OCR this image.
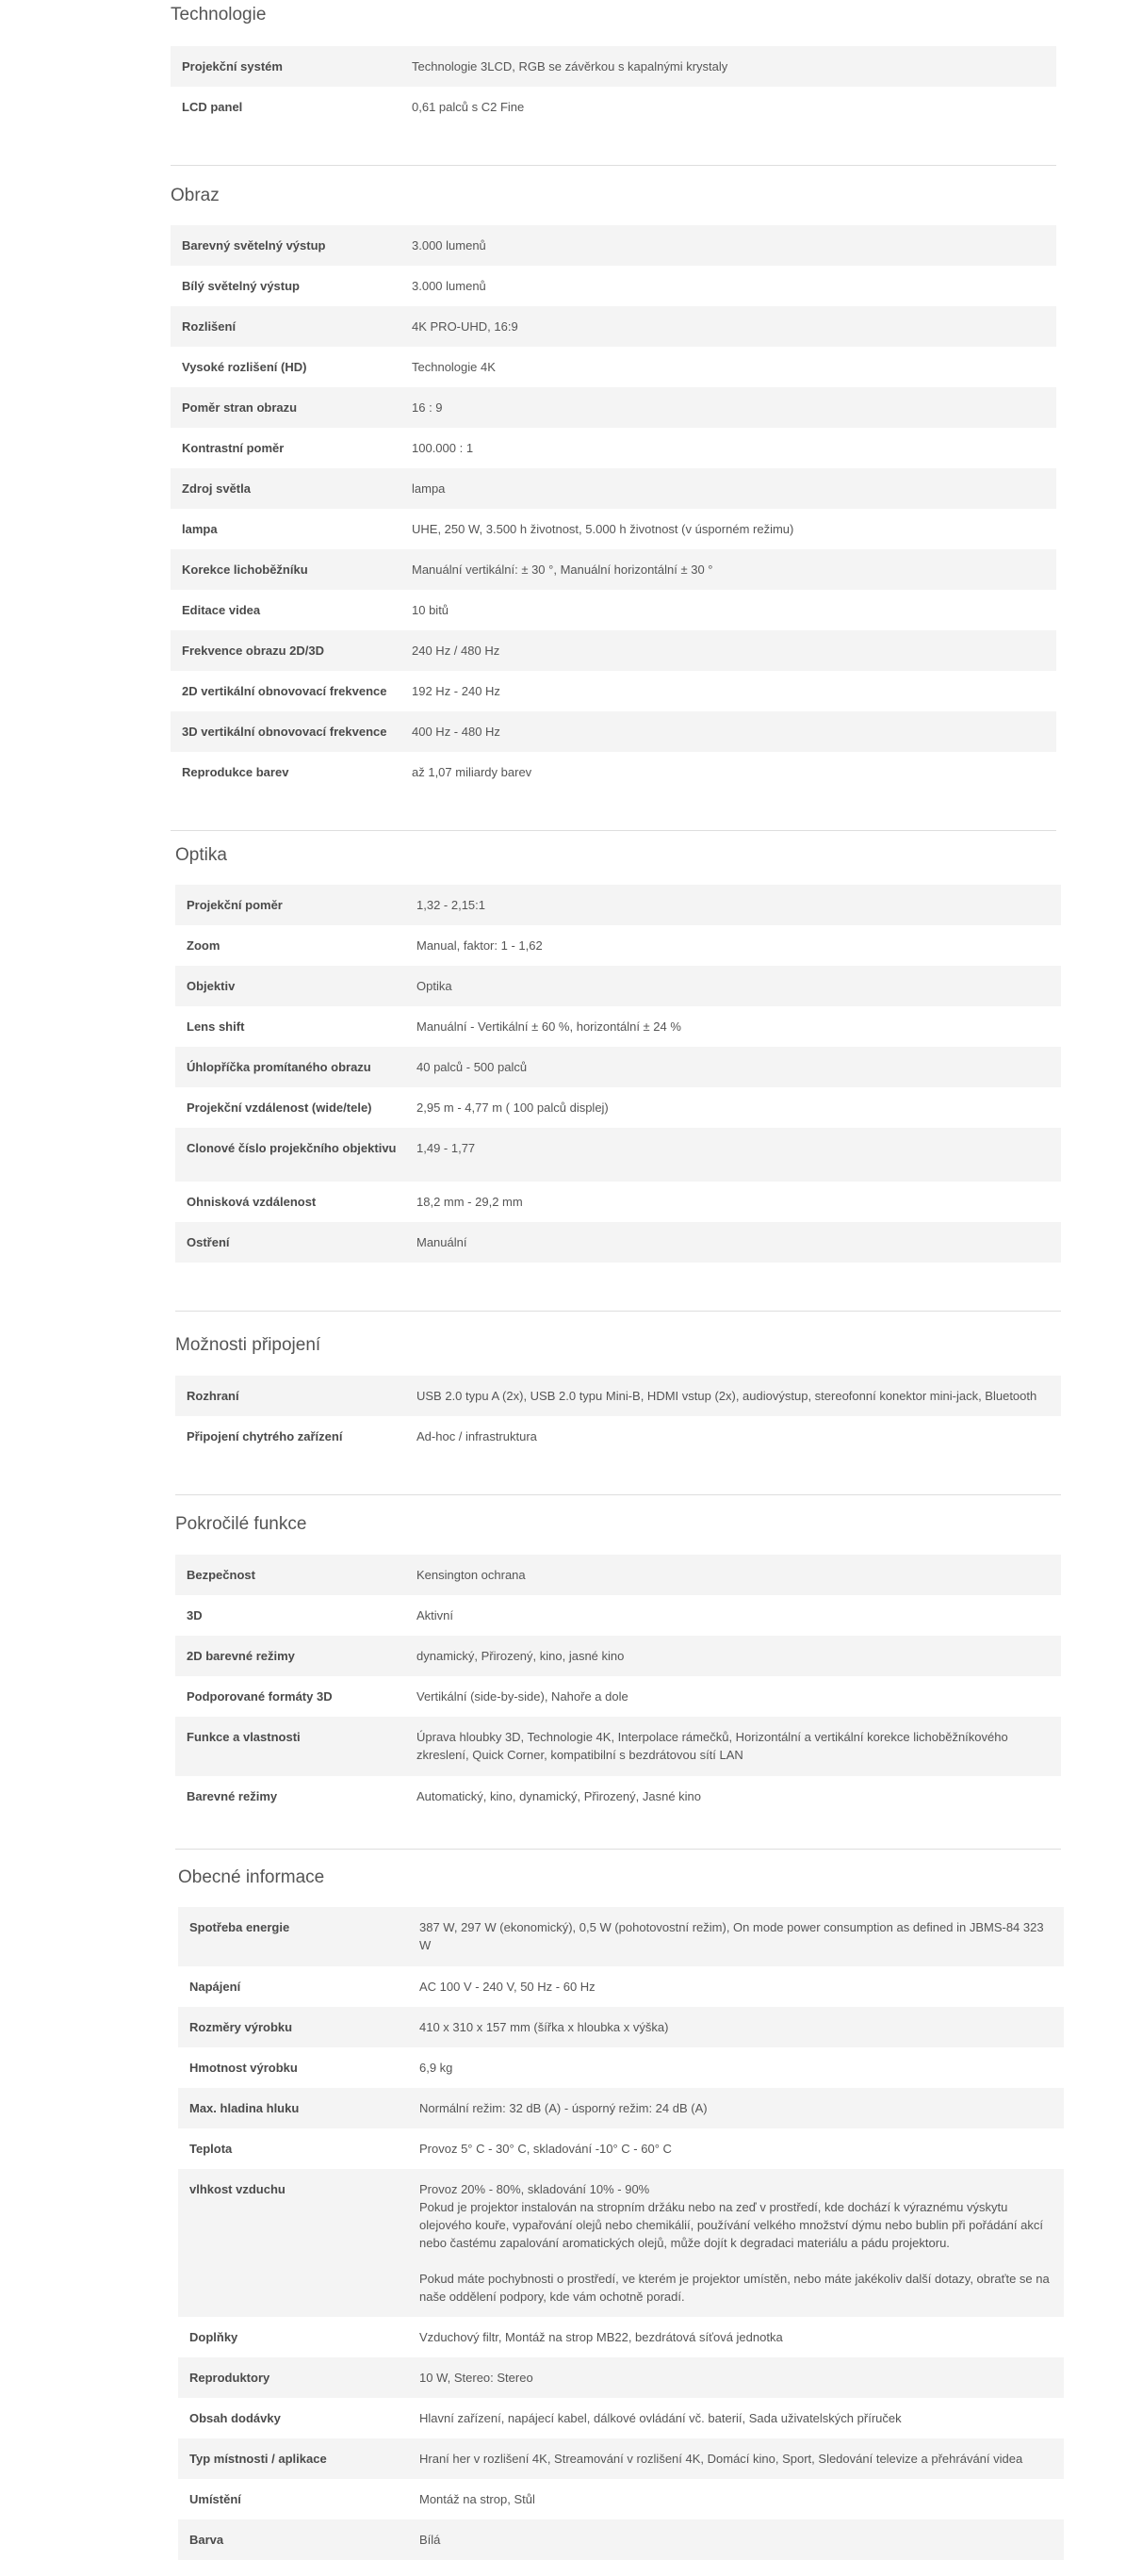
Technologie
Projekční systém	Technologie 3LCD, RGB se závěrkou s kapalnými krystaly
LCD panel	0,61 palců s C2 Fine
Obraz
Barevný světelný výstup	3.000 lumenů
Bílý světelný výstup	3.000 lumenů
Rozlišení	4K PRO-UHD, 16:9
Vysoké rozlišení (HD)	Technologie 4K
Poměr stran obrazu	16 : 9
Kontrastní poměr	100.000 : 1
Zdroj světla	lampa
lampa	UHE, 250 W, 3.500 h životnost, 5.000 h životnost (v úsporném režimu)
Korekce lichoběžníku	Manuální vertikální: ± 30 °, Manuální horizontální ± 30 °
Editace videa	10 bitů
Frekvence obrazu 2D/3D	240 Hz / 480 Hz
2D vertikální obnovovací frekvence	192 Hz - 240 Hz
3D vertikální obnovovací frekvence	400 Hz - 480 Hz
Reprodukce barev	až 1,07 miliardy barev
Optika
Projekční poměr	1,32 - 2,15:1
Zoom	Manual, faktor: 1 - 1,62
Objektiv	Optika
Lens shift	Manuální - Vertikální ± 60 %, horizontální ± 24 %
Úhlopříčka promítaného obrazu	40 palců - 500 palců
Projekční vzdálenost (wide/tele)	2,95 m - 4,77 m ( 100 palců displej)
Clonové číslo projekčního objektivu	1,49 - 1,77
Ohnisková vzdálenost	18,2 mm - 29,2 mm
Ostření	Manuální
Možnosti připojení
Rozhraní	USB 2.0 typu A (2x), USB 2.0 typu Mini-B, HDMI vstup (2x), audiovýstup, stereofonní konektor mini-jack, Bluetooth
Připojení chytrého zařízení	Ad-hoc / infrastruktura
Pokročilé funkce
Bezpečnost	Kensington ochrana
3D	Aktivní
2D barevné režimy	dynamický, Přirozený, kino, jasné kino
Podporované formáty 3D	Vertikální (side-by-side), Nahoře a dole
Funkce a vlastnosti	Úprava hloubky 3D, Technologie 4K, Interpolace rámečků, Horizontální a vertikální korekce lichoběžníkového zkreslení, Quick Corner, kompatibilní s bezdrátovou sítí LAN
Barevné režimy	Automatický, kino, dynamický, Přirozený, Jasné kino
Obecné informace
Spotřeba energie	387 W, 297 W (ekonomický), 0,5 W (pohotovostní režim), On mode power consumption as defined in JBMS-84 323 W
Napájení	AC 100 V - 240 V, 50 Hz - 60 Hz
Rozměry výrobku	410 x 310 x 157 mm (šířka x hloubka x výška)
Hmotnost výrobku	6,9 kg
Max. hladina hluku	Normální režim: 32 dB (A) - úsporný režim: 24 dB (A)
Teplota	Provoz 5° C - 30° C, skladování -10° C - 60° C
vlhkost vzduchu	Provoz 20% - 80%, skladování 10% - 90%
Pokud je projektor instalován na stropním držáku nebo na zeď v prostředí, kde dochází k výraznému výskytu olejového kouře, vypařování olejů nebo chemikálií, používání velkého množství dýmu nebo bublin při pořádání akcí nebo častému zapalování aromatických olejů, může dojít k degradaci materiálu a pádu projektoru.

Pokud máte pochybnosti o prostředí, ve kterém je projektor umístěn, nebo máte jakékoliv další dotazy, obraťte se na naše oddělení podpory, kde vám ochotně poradí.
Doplňky	Vzduchový filtr, Montáž na strop MB22, bezdrátová síťová jednotka
Reproduktory	10 W, Stereo: Stereo
Obsah dodávky	Hlavní zařízení, napájecí kabel, dálkové ovládání vč. baterií, Sada uživatelských příruček
Typ místnosti / aplikace	Hraní her v rozlišení 4K, Streamování v rozlišení 4K, Domácí kino, Sport, Sledování televize a přehrávání videa
Umístění	Montáž na strop, Stůl
Barva	Bílá
